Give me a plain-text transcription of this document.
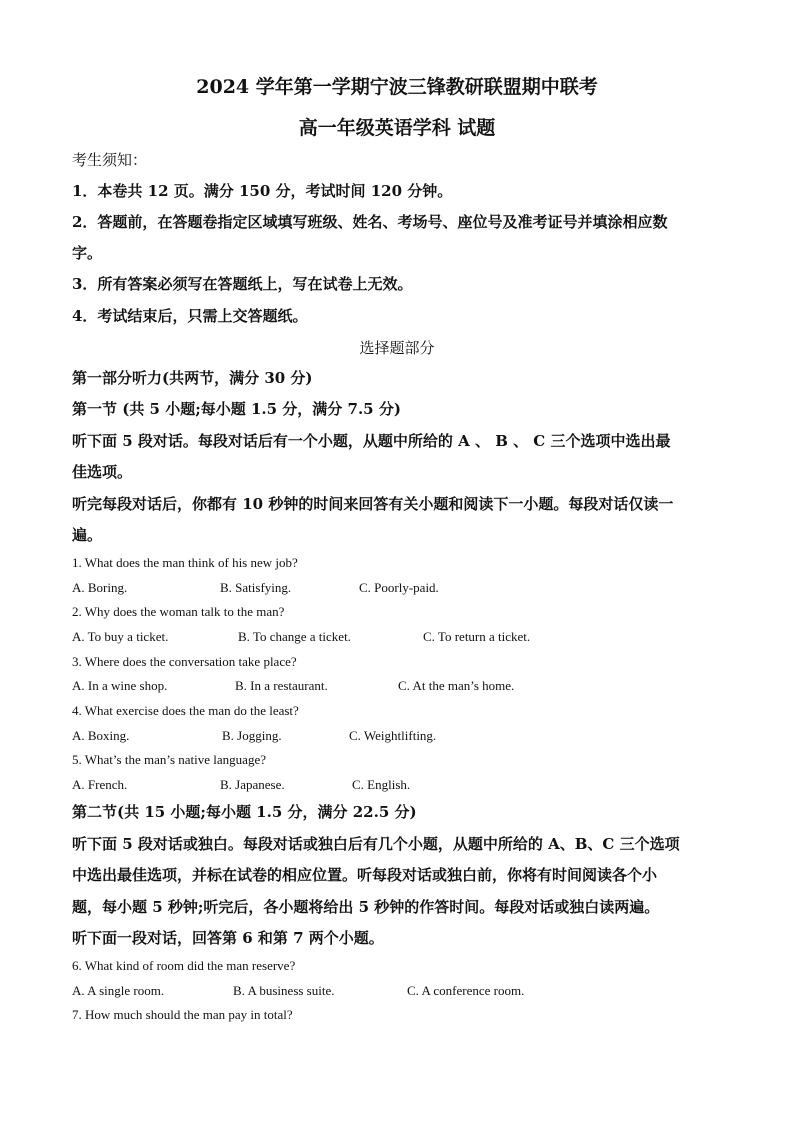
2024 学年第一学期宁波三锋教研联盟期中联考
高一年级英语学科 试题
考生须知：
1．本卷共 12 页。满分 150 分，考试时间 120 分钟。
2．答题前，在答题卷指定区域填写班级、姓名、考场号、座位号及准考证号并填涂相应数
字。
3．所有答案必须写在答题纸上，写在试卷上无效。
4．考试结束后，只需上交答题纸。
选择题部分
第一部分听力(共两节，满分 30 分)
第一节 (共 5 小题;每小题 1.5 分，满分 7.5 分)
听下面 5 段对话。每段对话后有一个小题，从题中所给的 A 、 B 、 C 三个选项中选出最
佳选项。
听完每段对话后，你都有 10 秒钟的时间来回答有关小题和阅读下一小题。每段对话仅读一
遍。
1. What does the man think of his new job?
A. Boring.	B. Satisfying.	C. Poorly-paid.
2. Why does the woman talk to the man?
A. To buy a ticket.	B. To change a ticket.	C. To return a ticket.
3. Where does the conversation take place?
A. In a wine shop.	B. In a restaurant.	C. At the man’s home.
4. What exercise does the man do the least?
A. Boxing.	B. Jogging.	C. Weightlifting.
5. What’s the man’s native language?
A. French.	B. Japanese.	C. English.
第二节(共 15 小题;每小题 1.5 分，满分 22.5 分)
听下面 5 段对话或独白。每段对话或独白后有几个小题，从题中所给的 A、B、C 三个选项
中选出最佳选项，并标在试卷的相应位置。听每段对话或独白前，你将有时间阅读各个小
题，每小题 5 秒钟;听完后，各小题将给出 5 秒钟的作答时间。每段对话或独白读两遍。
听下面一段对话，回答第 6 和第 7 两个小题。
6. What kind of room did the man reserve?
A. A single room.	B. A business suite.	C. A conference room.
7. How much should the man pay in total?
